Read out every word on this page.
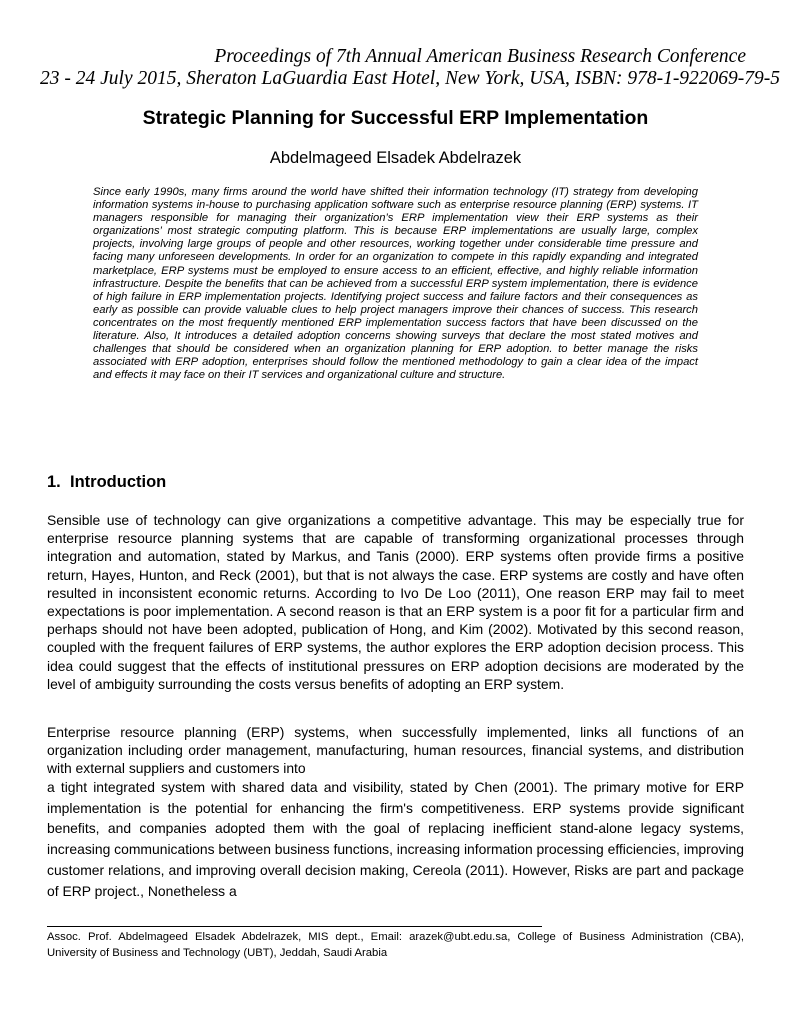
Proceedings of 7th Annual American Business Research Conference
23 - 24 July 2015, Sheraton LaGuardia East Hotel, New York, USA, ISBN: 978-1-922069-79-5
Strategic Planning for Successful ERP Implementation
Abdelmageed Elsadek Abdelrazek

Since early 1990s, many firms around the world have shifted their information technology (IT) strategy from developing information systems in-house to purchasing application software such as enterprise resource planning (ERP) systems. IT managers responsible for managing their organization’s ERP implementation view their ERP systems as their organizations’ most strategic computing platform. This is because ERP implementations are usually large, complex projects, involving large groups of people and other resources, working together under considerable time pressure and facing many unforeseen developments. In order for an organization to compete in this rapidly expanding and integrated marketplace, ERP systems must be employed to ensure access to an efficient, effective, and highly reliable information infrastructure. Despite the benefits that can be achieved from a successful ERP system implementation, there is evidence of high failure in ERP implementation projects. Identifying project success and failure factors and their consequences as early as possible can provide valuable clues to help project managers improve their chances of success. This research concentrates on the most frequently mentioned ERP implementation success factors that have been discussed on the literature. Also, It introduces a detailed adoption concerns showing surveys that declare the most stated motives and challenges that should be considered when an organization planning for ERP adoption. to better manage the risks associated with ERP adoption, enterprises should follow the mentioned methodology to gain a clear idea of the impact and effects it may face on their IT services and organizational culture and structure.

1. Introduction

Sensible use of technology can give organizations a competitive advantage. This may be especially true for enterprise resource planning systems that are capable of transforming organizational processes through integration and automation, stated by Markus, and Tanis (2000). ERP systems often provide firms a positive return, Hayes, Hunton, and Reck (2001), but that is not always the case. ERP systems are costly and have often resulted in inconsistent economic returns. According to Ivo De Loo (2011), One reason ERP may fail to meet expectations is poor implementation. A second reason is that an ERP system is a poor fit for a particular firm and perhaps should not have been adopted, publication of Hong, and Kim (2002). Motivated by this second reason, coupled with the frequent failures of ERP systems, the author explores the ERP adoption decision process. This idea could suggest that the effects of institutional pressures on ERP adoption decisions are moderated by the level of ambiguity surrounding the costs versus benefits of adopting an ERP system.

Enterprise resource planning (ERP) systems, when successfully implemented, links all functions of an organization including order management, manufacturing, human resources, financial systems, and distribution with external suppliers and customers into

a tight integrated system with shared data and visibility, stated by Chen (2001). The primary motive for ERP implementation is the potential for enhancing the firm's competitiveness. ERP systems provide significant benefits, and companies adopted them with the goal of replacing inefficient stand-alone legacy systems, increasing communications between business functions, increasing information processing efficiencies, improving customer relations, and improving overall decision making, Cereola (2011). However, Risks are part and package of ERP project., Nonetheless a

Assoc. Prof. Abdelmageed Elsadek Abdelrazek, MIS dept., Email: arazek@ubt.edu.sa, College of Business Administration (CBA), University of Business and Technology (UBT), Jeddah, Saudi Arabia
